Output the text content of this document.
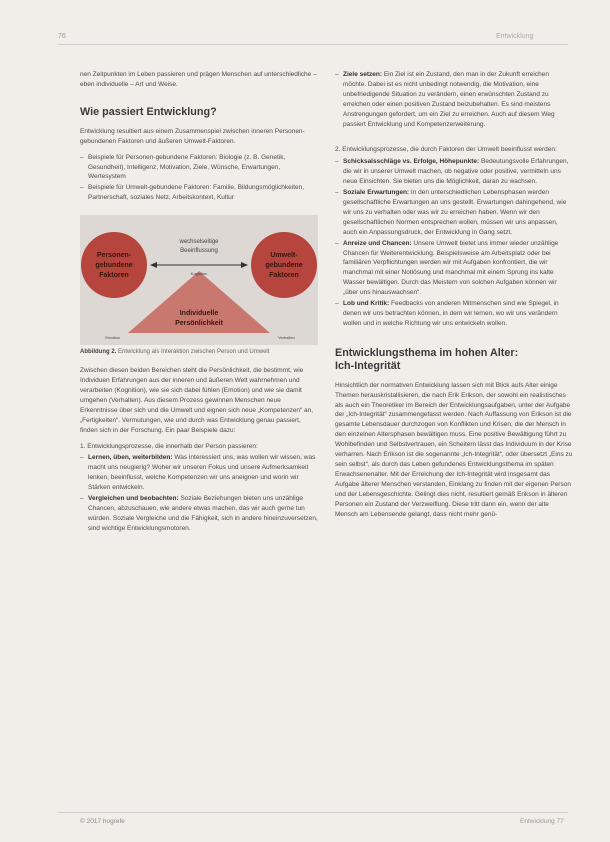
76	Entwicklung

nen Zeitpunkten im Leben passieren und prägen Menschen auf unterschiedliche – eben individuelle – Art und Weise.

Wie passiert Entwicklung?

Entwicklung resultiert aus einem Zusammenspiel zwischen inneren Personen-gebundenen Faktoren und äußeren Umwelt-Faktoren.

– Beispiele für Personen-gebundene Faktoren: Biologie (z. B. Genetik, Gesundheit), Intelligenz, Motivation, Ziele, Wünsche, Erwartungen, Wertesystem
– Beispiele für Umwelt-gebundene Faktoren: Familie, Bildungsmöglichkeiten, Partnerschaft, soziales Netz, Arbeitskontext, Kultur
Personen-
gebundene
Faktoren
Umwelt-
gebundene
Faktoren
wechselseitige
Beeinflussung
Kognition
Individuelle
Persönlichkeit
Emotion	Verhalten
Abbildung 2. Entwicklung als Interaktion zwischen Person und Umwelt

Zwischen diesen beiden Bereichen steht die Persönlichkeit, die bestimmt, wie Individuen Erfahrungen aus der inneren und äußeren Welt wahrnehmen und verarbeiten (Kognition), wie sie sich dabei fühlen (Emotion) und wie sie damit umgehen (Verhalten). Aus diesem Prozess gewinnen Menschen neue Erkenntnisse über sich und die Umwelt und eignen sich neue „Kompetenzen“ an, „Fertigkeiten“. Vermutungen, wie und durch was Entwicklung genau passiert, finden sich in der Forschung. Ein paar Beispiele dazu:

1. Entwicklungsprozesse, die innerhalb der Person passieren:

– Lernen, üben, weiterbilden: Was interessiert uns, was wollen wir wissen, was macht uns neugierig? Woher wir unseren Fokus und unsere Aufmerksamkeit lenken, beeinflusst, welche Kompetenzen wir uns aneignen und worin wir Stärken entwickeln.
– Vergleichen und beobachten: Soziale Beziehungen bieten uns unzählige Chancen, abzuschauen, wie andere etwas machen, das wir auch gerne tun würden. Soziale Vergleiche und die Fähigkeit, sich in andere hineinzuversetzen, sind wichtige Entwicklungsmotoren.
– Ziele setzen: Ein Ziel ist ein Zustand, den man in der Zukunft erreichen möchte. Dabei ist es nicht unbedingt notwendig, die Motivation, eine unbefriedigende Situation zu verändern, einen erwünschten Zustand zu erreichen oder einen positiven Zustand beizubehalten. Es sind meistens Anstrengungen gefordert, um ein Ziel zu erreichen. Auch auf diesem Weg passiert Entwicklung und Kompetenzerweiterung.

2. Entwicklungsprozesse, die durch Faktoren der Umwelt beeinflusst werden:

– Schicksalsschläge vs. Erfolge, Höhepunkte: Bedeutungsvolle Erfahrungen, die wir in unserer Umwelt machen, ob negative oder positive, vermitteln uns neue Einsichten. Sie bieten uns die Möglichkeit, daran zu wachsen.
– Soziale Erwartungen: In den unterschiedlichen Lebensphasen werden gesellschaftliche Erwartungen an uns gestellt. Erwartungen dahingehend, wie wir uns zu verhalten oder was wir zu erreichen haben. Wenn wir den gesellschaftlichen Normen entsprechen wollen, müssen wir uns anpassen, auch ein Anpassungsdruck, der Entwicklung in Gang setzt.
– Anreize und Chancen: Unsere Umwelt bietet uns immer wieder unzählige Chancen für Weiterentwicklung. Beispielsweise am Arbeitsplatz oder bei familiären Verpflichtungen werden wir mit Aufgaben konfrontiert, die wir manchmal mit einer Notlösung und manchmal mit einem Sprung ins kalte Wasser bewältigen. Durch das Meistern von solchen Aufgaben können wir „über uns hinauswachsen“.
– Lob und Kritik: Feedbacks von anderen Mitmenschen sind wie Spiegel, in denen wir uns betrachten können, in dem wir lernen, wo wir uns verändern wollen und in welche Richtung wir uns entwickeln wollen.
Entwicklungsthema im hohen Alter:
Ich-Integrität

Hinsichtlich der normativen Entwicklung lassen sich mit Blick aufs Alter einige Themen herauskristallisieren, die nach Erik Erikson, der sowohl ein realistisches als auch ein Theoretiker im Bereich der Entwicklungsaufgaben, unter der Aufgabe der „Ich-Integrität“ zusammengefasst werden. Nach Auffassung von Erikson ist die gesamte Lebensdauer durchzogen von Konflikten und Krisen, die der Mensch in den einzelnen Altersphasen bewältigen muss. Eine positive Bewältigung führt zu Wohlbefinden und Selbstvertrauen, ein Scheitern lässt das Individuum in der Krise verharren. Nach Erikson ist die sogenannte „Ich-Integrität“, oder übersetzt „Eins zu sein selbst“, als durch das Leben gefundenes Entwicklungsthema im späten Erwachsenenalter. Mit der Erreichung der Ich-Integrität wird insgesamt das Aufgabe älterer Menschen verstanden, Einklang zu finden mit der eigenen Person und der Lebensgeschichte. Gelingt dies nicht, resultiert gemäß Erikson in älteren Personen ein Zustand der Verzweiflung. Diese tritt dann ein, wenn der alte Mensch am Lebensende gelangt, dass nicht mehr genü-

© 2017 hogrefe	Entwicklung 77
